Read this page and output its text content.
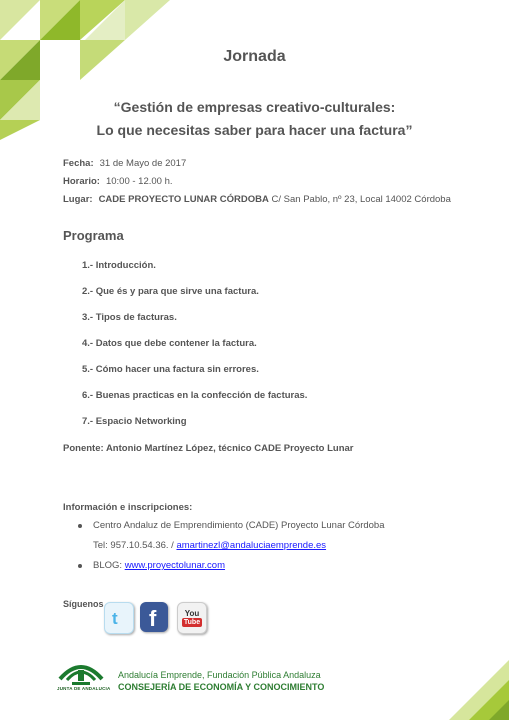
Jornada
“Gestión de empresas creativo-culturales:
Lo que necesitas saber para hacer una factura”
Fecha: 31 de Mayo de 2017
Horario: 10:00 - 12.00 h.
Lugar: CADE PROYECTO LUNAR CÓRDOBA C/ San Pablo, nº 23, Local 14002 Córdoba
Programa
1.- Introducción.
2.- Que és y para que sirve una factura.
3.- Tipos de facturas.
4.- Datos que debe contener la factura.
5.- Cómo hacer una factura sin errores.
6.- Buenas practicas en la confección de facturas.
7.- Espacio Networking
Ponente: Antonio Martínez López, técnico CADE Proyecto Lunar
Información e inscripciones:
Centro Andaluz de Emprendimiento (CADE) Proyecto Lunar Córdoba
Tel: 957.10.54.36. / amartinezl@andaluciaemprende.es
BLOG: www.proyectolunar.com
Síguenos
t f	You
Tube
JUNTA DE ANDALUCIA
Andalucía Emprende, Fundación Pública Andaluza
CONSEJERÍA DE ECONOMÍA Y CONOCIMIENTO
